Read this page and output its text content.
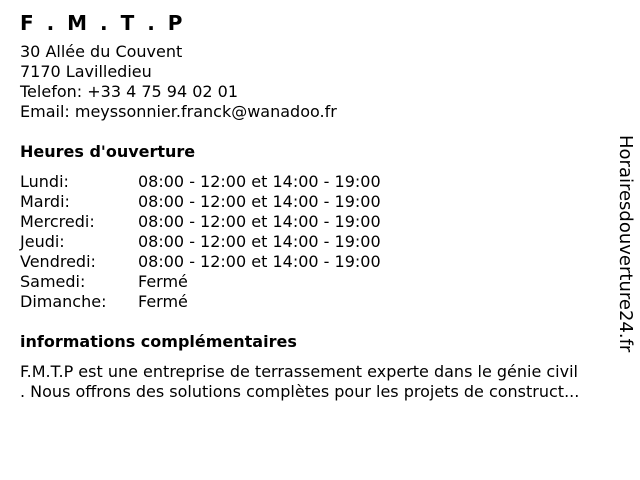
F . M . T . P
30 Allée du Couvent
7170 Lavilledieu
Telefon: +33 4 75 94 02 01
Email: meyssonnier.franck@wanadoo.fr
Heures d'ouverture
Lundi:	08:00 - 12:00 et 14:00 - 19:00
Mardi:	08:00 - 12:00 et 14:00 - 19:00
Mercredi:	08:00 - 12:00 et 14:00 - 19:00
Jeudi:	08:00 - 12:00 et 14:00 - 19:00
Vendredi:	08:00 - 12:00 et 14:00 - 19:00
Samedi:	Fermé
Dimanche:	Fermé
informations complémentaires
F.M.T.P est une entreprise de terrassement experte dans le génie civil
. Nous offrons des solutions complètes pour les projets de construct...
Horairesdouverture24.fr
